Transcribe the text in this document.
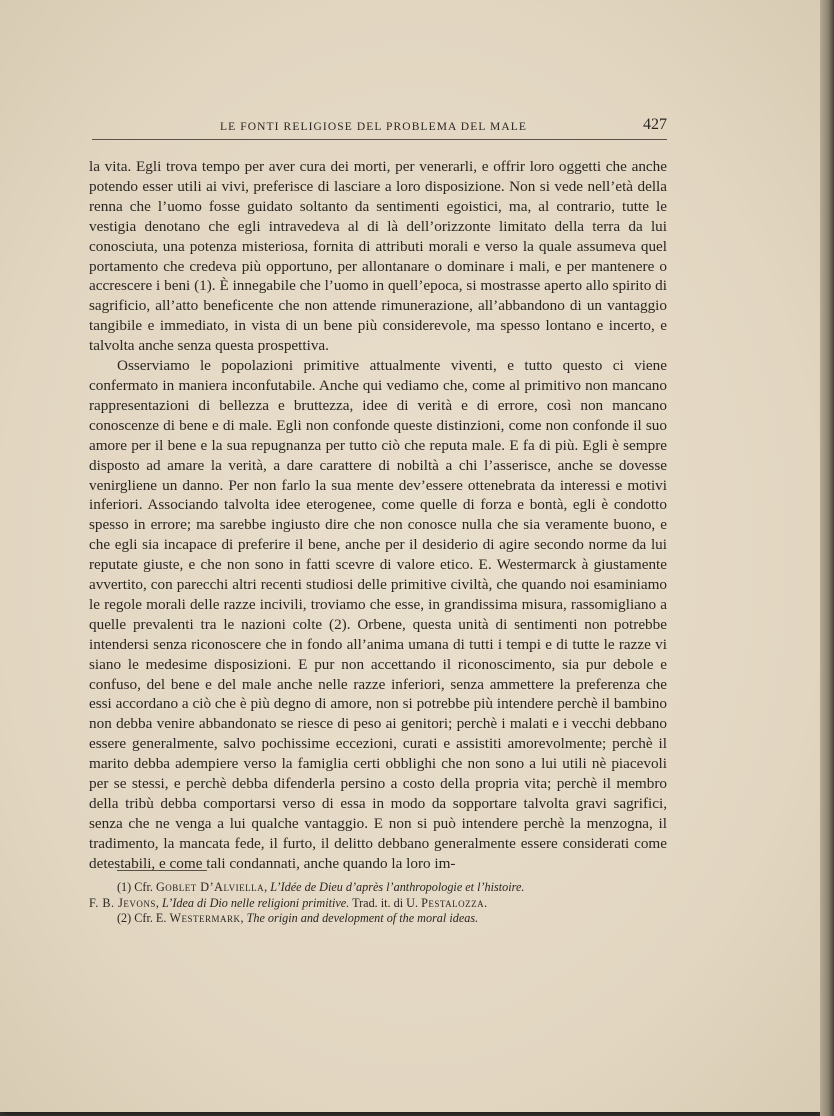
LE FONTI RELIGIOSE DEL PROBLEMA DEL MALE	427

la vita. Egli trova tempo per aver cura dei morti, per venerarli, e offrir loro oggetti che anche potendo esser utili ai vivi, preferisce di lasciare a loro disposizione. Non si vede nell’età della renna che l’uomo fosse guidato soltanto da sentimenti egoistici, ma, al contrario, tutte le vestigia denotano che egli intravedeva al di là dell’orizzonte limitato della terra da lui conosciuta, una potenza misteriosa, fornita di attributi morali e verso la quale assumeva quel portamento che credeva più opportuno, per allontanare o dominare i mali, e per mantenere o accrescere i beni (1). È innegabile che l’uomo in quell’epoca, si mostrasse aperto allo spirito di sagrificio, all’atto beneficente che non attende rimunerazione, all’abbandono di un vantaggio tangibile e immediato, in vista di un bene più considerevole, ma spesso lontano e incerto, e talvolta anche senza questa prospettiva.

Osserviamo le popolazioni primitive attualmente viventi, e tutto questo ci viene confermato in maniera inconfutabile. Anche qui vediamo che, come al primitivo non mancano rappresentazioni di bellezza e bruttezza, idee di verità e di errore, così non mancano conoscenze di bene e di male. Egli non confonde queste distinzioni, come non confonde il suo amore per il bene e la sua repugnanza per tutto ciò che reputa male. E fa di più. Egli è sempre disposto ad amare la verità, a dare carattere di nobiltà a chi l’asserisce, anche se dovesse venirgliene un danno. Per non farlo la sua mente dev’essere ottenebrata da interessi e motivi inferiori. Associando talvolta idee eterogenee, come quelle di forza e bontà, egli è condotto spesso in errore; ma sarebbe ingiusto dire che non conosce nulla che sia veramente buono, e che egli sia incapace di preferire il bene, anche per il desiderio di agire secondo norme da lui reputate giuste, e che non sono in fatti scevre di valore etico. E. Westermarck à giustamente avvertito, con parecchi altri recenti studiosi delle primitive civiltà, che quando noi esaminiamo le regole morali delle razze incivili, troviamo che esse, in grandissima misura, rassomigliano a quelle prevalenti tra le nazioni colte (2). Orbene, questa unità di sentimenti non potrebbe intendersi senza riconoscere che in fondo all’anima umana di tutti i tempi e di tutte le razze vi siano le medesime disposizioni. E pur non accettando il riconoscimento, sia pur debole e confuso, del bene e del male anche nelle razze inferiori, senza ammettere la preferenza che essi accordano a ciò che è più degno di amore, non si potrebbe più intendere perchè il bambino non debba venire abbandonato se riesce di peso ai genitori; perchè i malati e i vecchi debbano essere generalmente, salvo pochissime eccezioni, curati e assistiti amorevolmente; perchè il marito debba adempiere verso la famiglia certi obblighi che non sono a lui utili nè piacevoli per se stessi, e perchè debba difenderla persino a costo della propria vita; perchè il membro della tribù debba comportarsi verso di essa in modo da sopportare talvolta gravi sagrifici, senza che ne venga a lui qualche vantaggio. E non si può intendere perchè la menzogna, il tradimento, la mancata fede, il furto, il delitto debbano generalmente essere considerati come detestabili, e come tali condannati, anche quando la loro im-

(1) Cfr. Goblet D’Alviella, L’Idée de Dieu d’après l’anthropologie et l’histoire.
F. B. Jevons, L’Idea di Dio nelle religioni primitive. Trad. it. di U. Pestalozza.
(2) Cfr. E. Westermark, The origin and development of the moral ideas.
